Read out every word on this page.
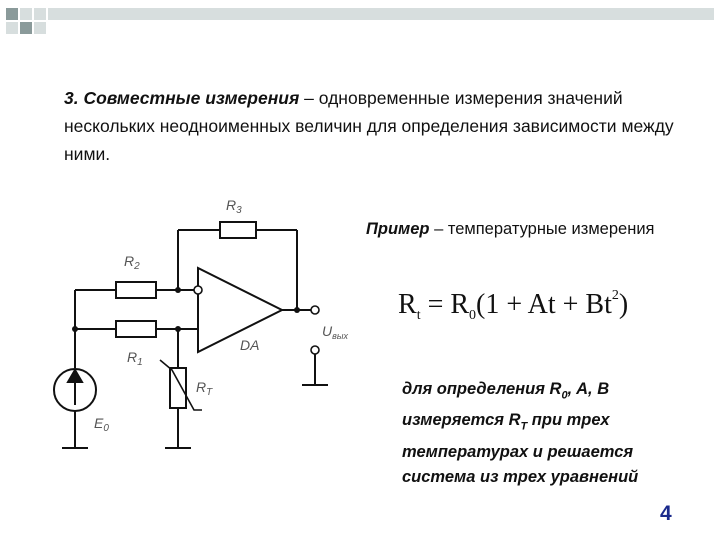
3. Совместные измерения – одновременные измерения значений нескольких неодноименных величин для определения зависимости между ними.

$R_3$
$R_2$
$R_1$
$R_T$
$E_0$
DA
$U_{вых}$
Пример – температурные измерения
$R_t = R_0(1 + At + Bt^2)$
для определения $R_0$, A, B измеряется $R_T$ при трех температурах и решается система из трех уравнений
4
